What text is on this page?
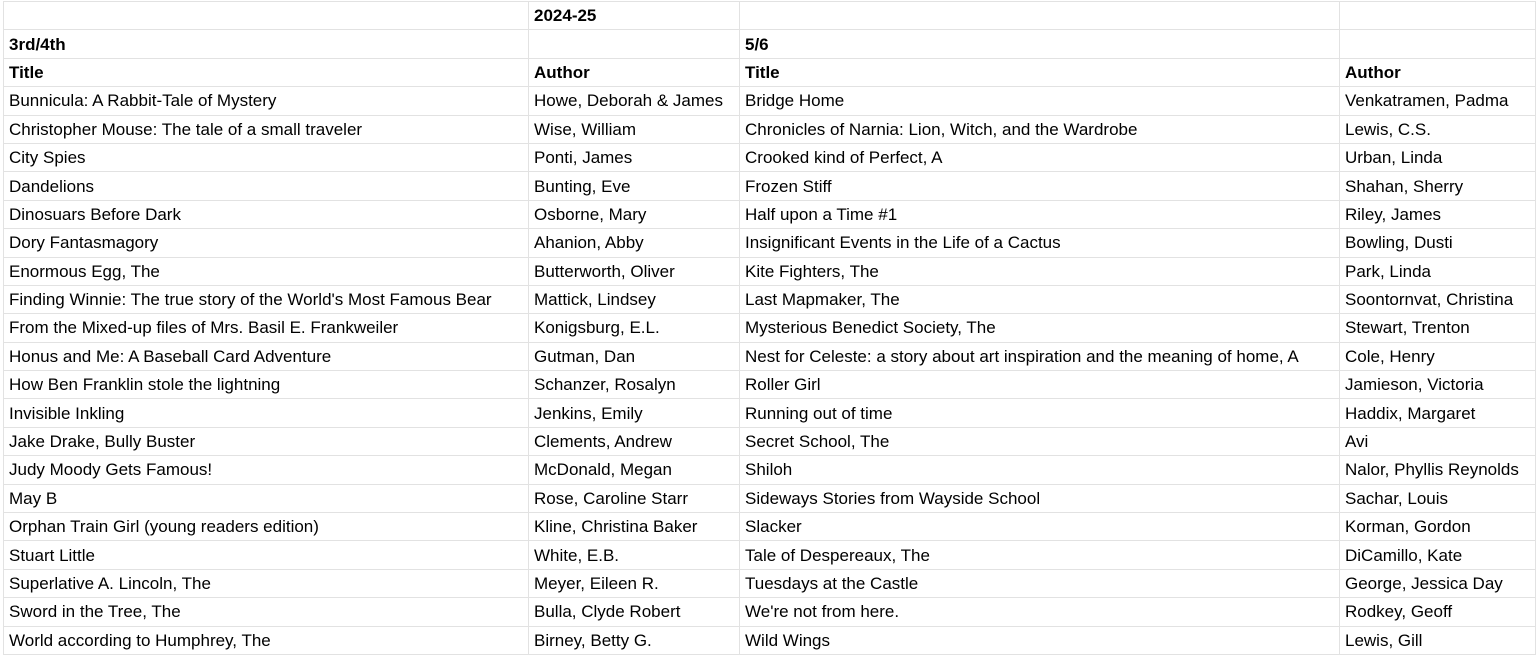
	2024-25		
3rd/4th		5/6	
Title	Author	Title	Author
Bunnicula: A Rabbit-Tale of Mystery	Howe, Deborah & James	Bridge Home	Venkatramen, Padma
Christopher Mouse: The tale of a small traveler	Wise, William	Chronicles of Narnia: Lion, Witch, and the Wardrobe	Lewis, C.S.
City Spies	Ponti, James	Crooked kind of Perfect, A	Urban, Linda
Dandelions	Bunting, Eve	Frozen Stiff	Shahan, Sherry
Dinosuars Before Dark	Osborne, Mary	Half upon a Time #1	Riley, James
Dory Fantasmagory	Ahanion, Abby	Insignificant Events in the Life of a Cactus	Bowling, Dusti
Enormous Egg, The	Butterworth, Oliver	Kite Fighters, The	Park, Linda
Finding Winnie: The true story of the World's Most Famous Bear	Mattick, Lindsey	Last Mapmaker, The	Soontornvat, Christina
From the Mixed-up files of Mrs. Basil E. Frankweiler	Konigsburg, E.L.	Mysterious Benedict Society, The	Stewart, Trenton
Honus and Me: A Baseball Card Adventure	Gutman, Dan	Nest for Celeste: a story about art inspiration and the meaning of home, A	Cole, Henry
How Ben Franklin stole the lightning	Schanzer, Rosalyn	Roller Girl	Jamieson, Victoria
Invisible Inkling	Jenkins, Emily	Running out of time	Haddix, Margaret
Jake Drake, Bully Buster	Clements, Andrew	Secret School, The	Avi
Judy Moody Gets Famous!	McDonald, Megan	Shiloh	Nalor, Phyllis Reynolds
May B	Rose, Caroline Starr	Sideways Stories from Wayside School	Sachar, Louis
Orphan Train Girl (young readers edition)	Kline, Christina Baker	Slacker	Korman, Gordon
Stuart Little	White, E.B.	Tale of Despereaux, The	DiCamillo, Kate
Superlative A. Lincoln, The	Meyer, Eileen R.	Tuesdays at the Castle	George, Jessica Day
Sword in the Tree, The	Bulla, Clyde Robert	We're not from here.	Rodkey, Geoff
World according to Humphrey, The	Birney, Betty G.	Wild Wings	Lewis, Gill
